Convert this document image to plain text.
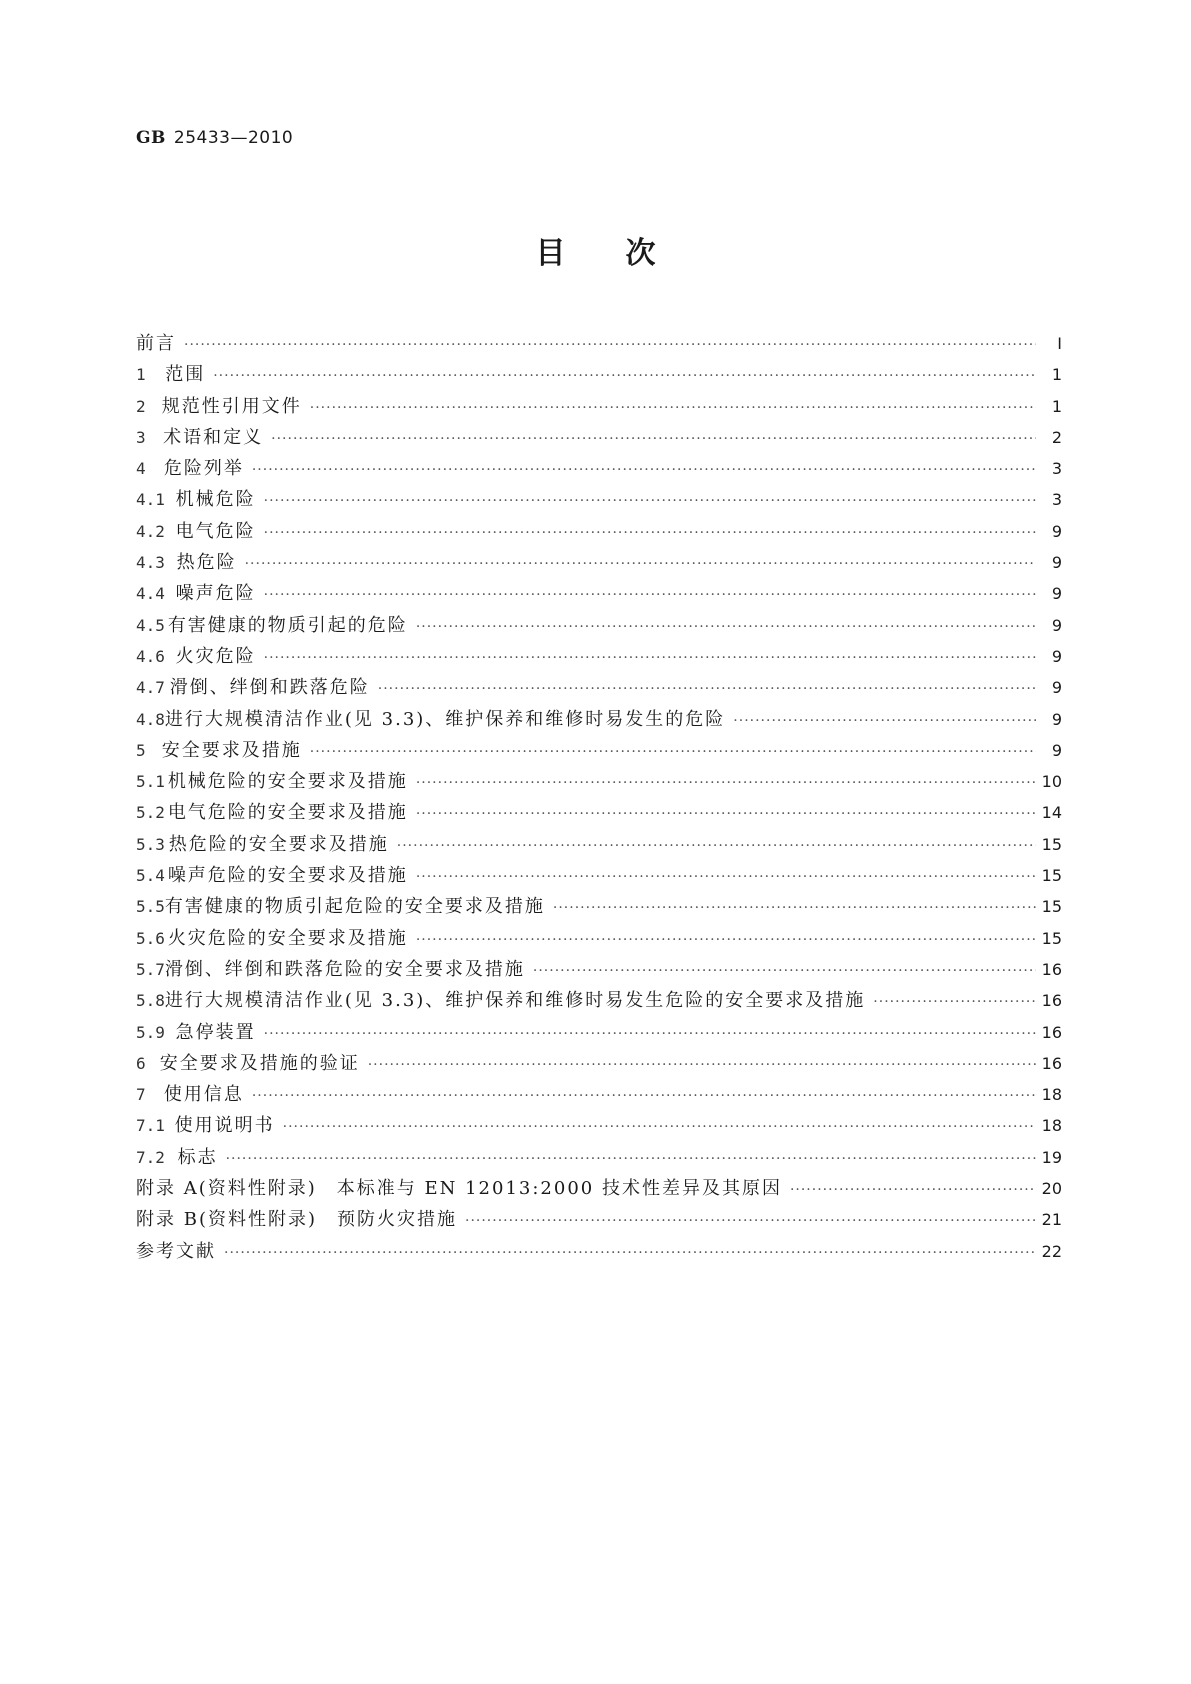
GB 25433—2010
目次
前言 ·····	Ⅰ
1	范围 ·····	1
2 规范性引用文件 ·····	1
3 术语和定义 ·····	2
4	危险列举 ·····	3
4.1 机械危险 ·····	3
4.2 电气危险 ·····	9
4.3 热危险 ·····	9
4.4 噪声危险 ·····	9
4.5 有害健康的物质引起的危险 ·····	9
4.6 火灾危险 ·····	9
4.7 滑倒、绊倒和跌落危险 ·····	9
4.8 进行大规模清洁作业(见 3.3)、维护保养和维修时易发生的危险 ·····	9
5 安全要求及措施 ·····	9
5.1 机械危险的安全要求及措施 ·····	10
5.2 电气危险的安全要求及措施 ·····	14
5.3 热危险的安全要求及措施 ·····	15
5.4 噪声危险的安全要求及措施 ·····	15
5.5 有害健康的物质引起危险的安全要求及措施 ·····	15
5.6 火灾危险的安全要求及措施 ·····	15
5.7 滑倒、绊倒和跌落危险的安全要求及措施 ·····	16
5.8 进行大规模清洁作业(见 3.3)、维护保养和维修时易发生危险的安全要求及措施 ·····	16
5.9 急停装置 ·····	16
6 安全要求及措施的验证 ·····	16
7	使用信息 ·····	18
7.1 使用说明书 ·····	18
7.2 标志 ·····	19
附录 A(资料性附录)　本标准与 EN 12013:2000 技术性差异及其原因 ·····	20
附录 B(资料性附录)　预防火灾措施 ·····	21
参考文献 ·····	22
